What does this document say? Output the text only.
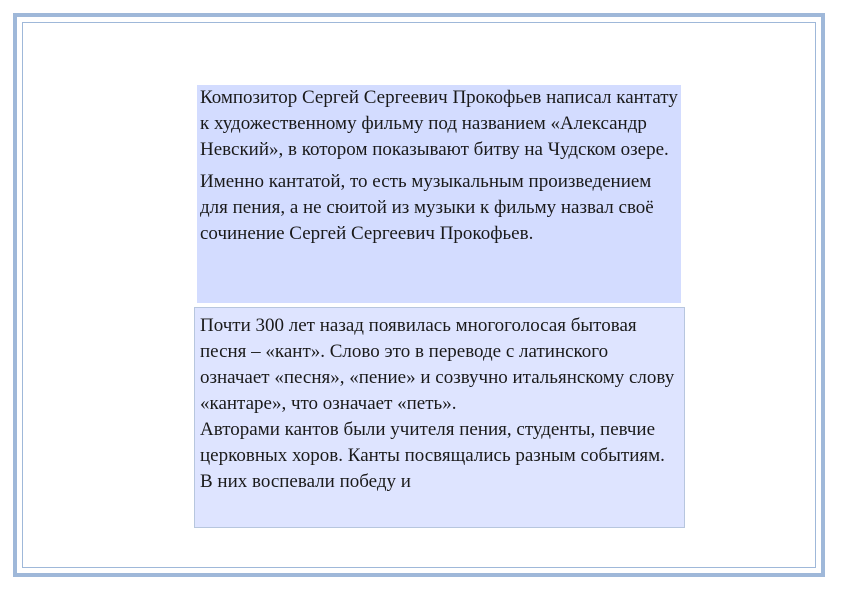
Композитор Сергей Сергеевич Прокофьев написал кантату к художественному фильму под названием «Александр Невский», в котором показывают битву на Чудском озере.

Именно кантатой, то есть музыкальным произведением для пения, а не сюитой из музыки к фильму назвал своё сочинение Сергей Сергеевич Прокофьев.

Почти 300 лет назад появилась многоголосая бытовая песня – «кант». Слово это в переводе с латинского означает «песня», «пение» и созвучно итальянскому слову «кантаре», что означает «петь».

Авторами кантов были учителя пения, студенты, певчие церковных хоров. Канты посвящались разным событиям. В них воспевали победу и
